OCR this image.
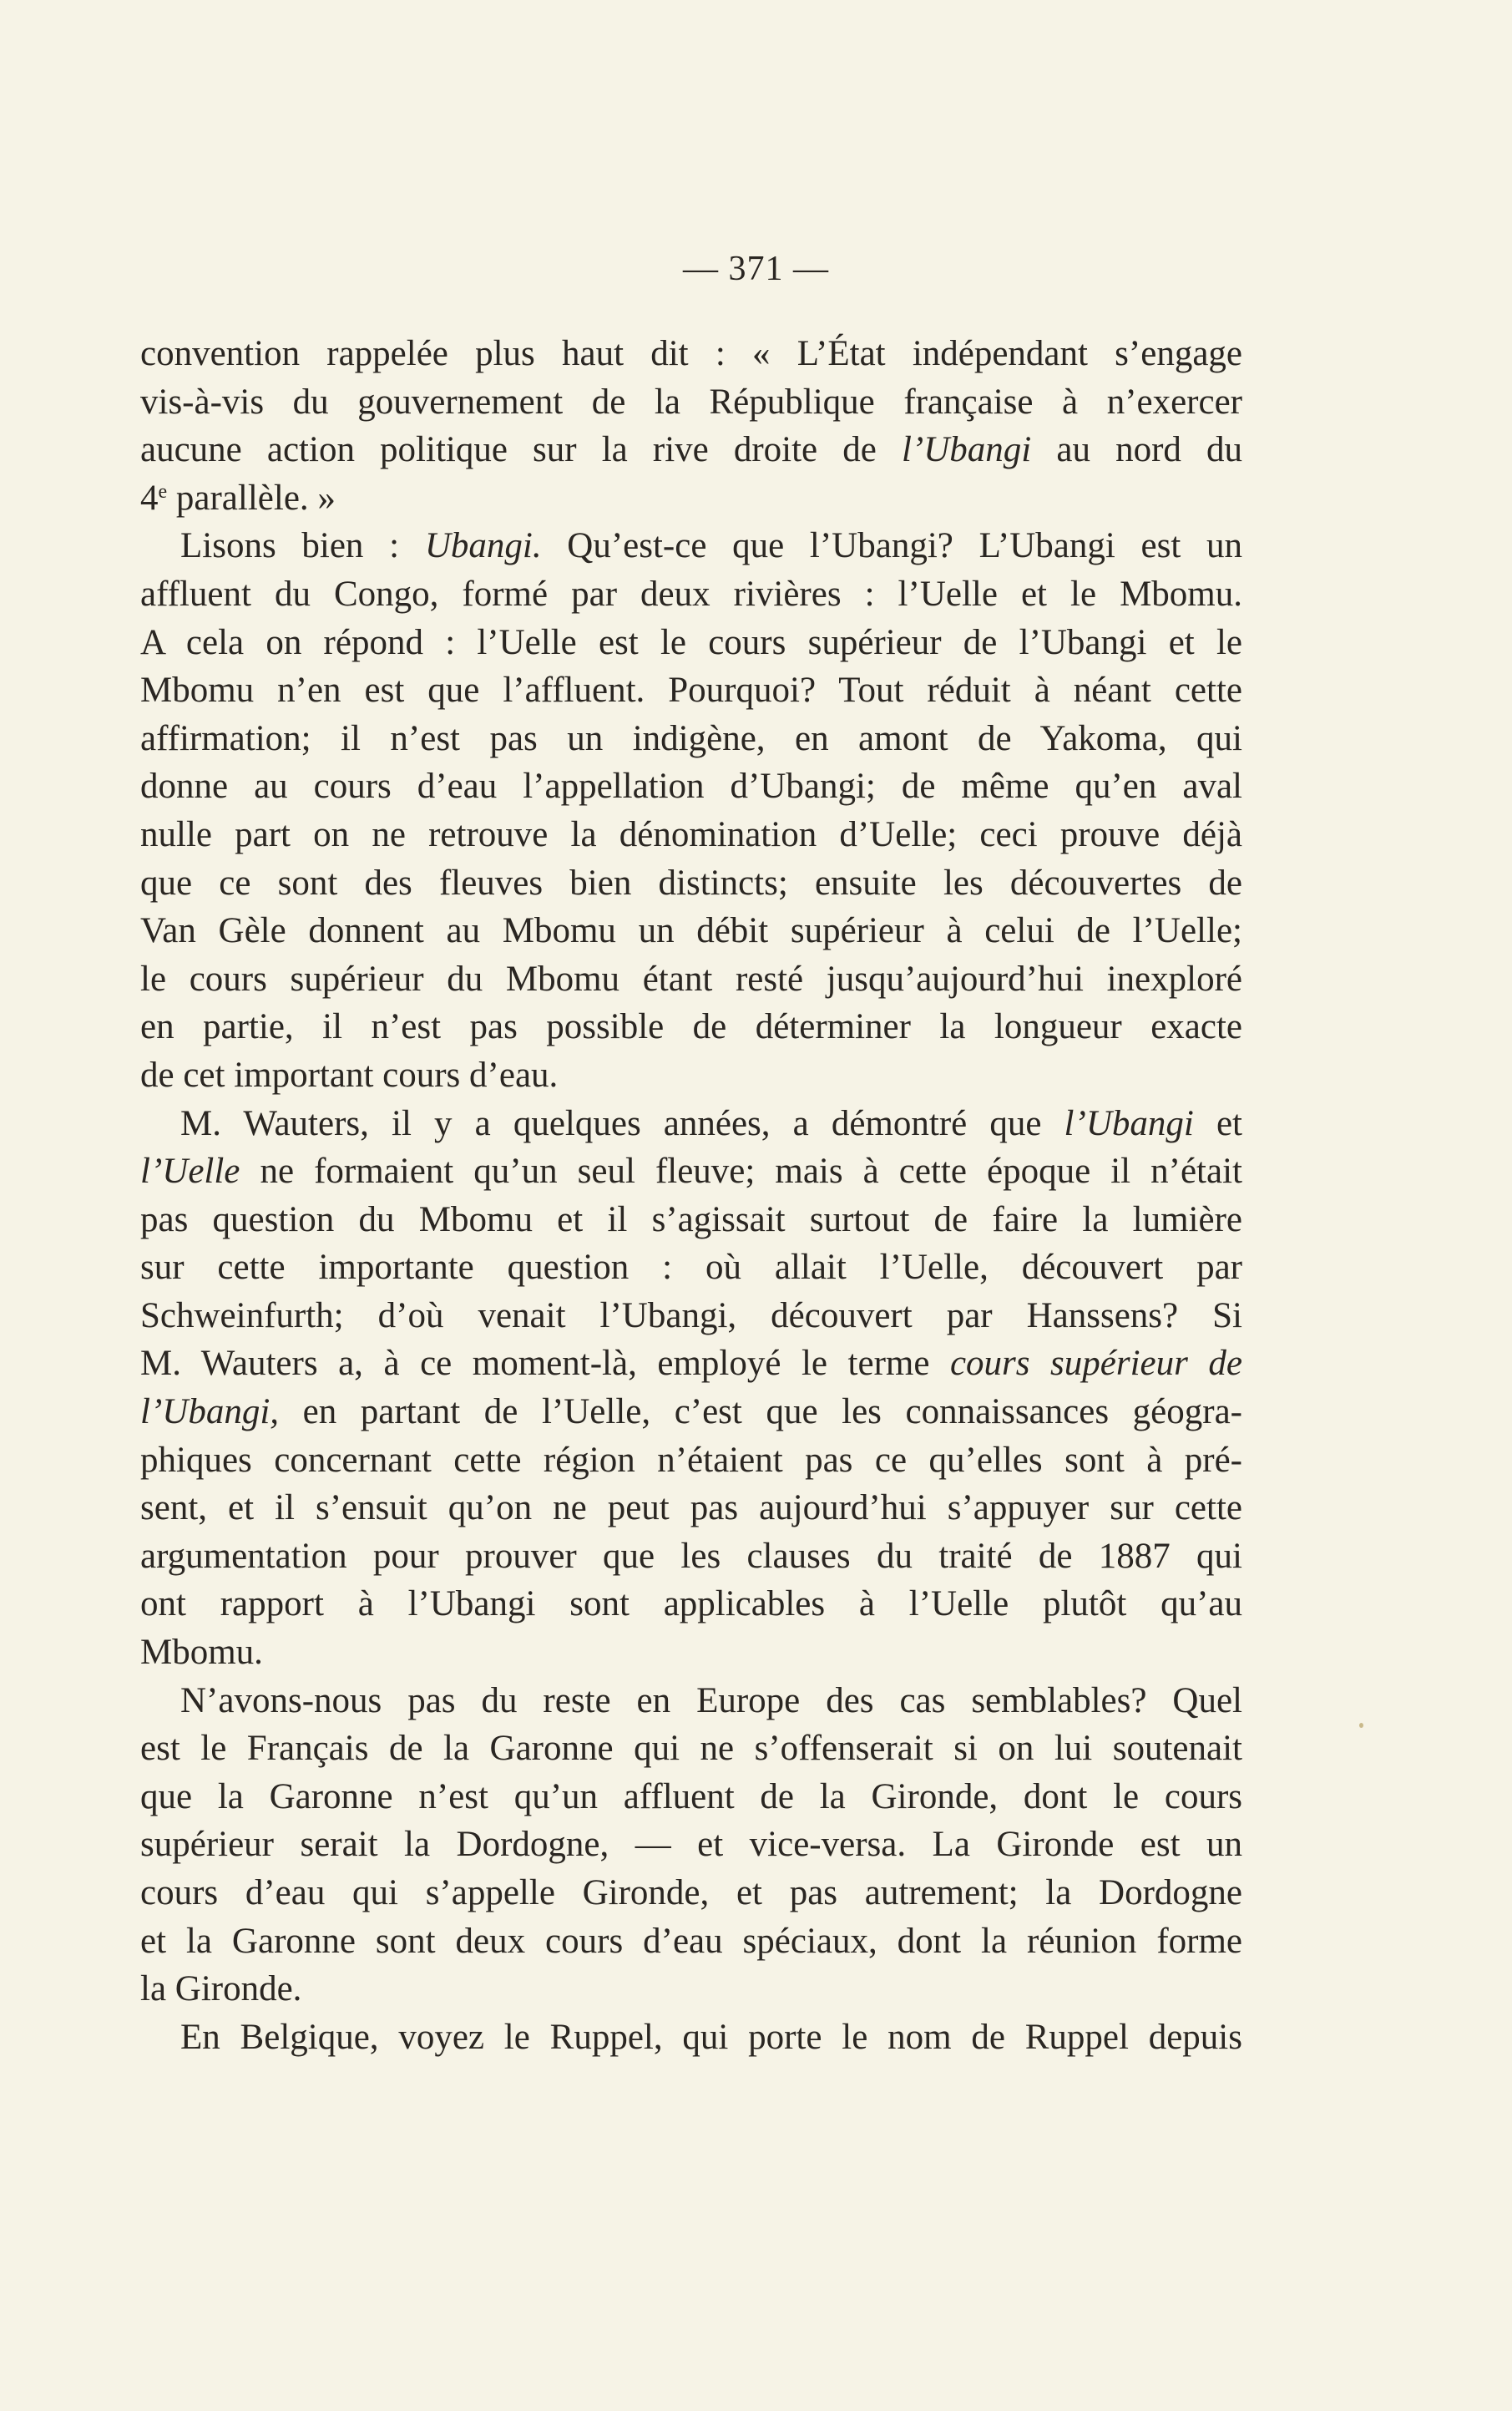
— 371 —
convention rappelée plus haut dit : « L’État indépendant s’engage
vis-à-vis du gouvernement de la République française à n’exercer
aucune action politique sur la rive droite de l’Ubangi au nord du
4e parallèle. »
Lisons bien : Ubangi. Qu’est-ce que l’Ubangi? L’Ubangi est un
affluent du Congo, formé par deux rivières : l’Uelle et le Mbomu.
A cela on répond : l’Uelle est le cours supérieur de l’Ubangi et le
Mbomu n’en est que l’affluent. Pourquoi? Tout réduit à néant cette
affirmation; il n’est pas un indigène, en amont de Yakoma, qui
donne au cours d’eau l’appellation d’Ubangi; de même qu’en aval
nulle part on ne retrouve la dénomination d’Uelle; ceci prouve déjà
que ce sont des fleuves bien distincts; ensuite les découvertes de
Van Gèle donnent au Mbomu un débit supérieur à celui de l’Uelle;
le cours supérieur du Mbomu étant resté jusqu’aujourd’hui inexploré
en partie, il n’est pas possible de déterminer la longueur exacte
de cet important cours d’eau.
M. Wauters, il y a quelques années, a démontré que l’Ubangi et
l’Uelle ne formaient qu’un seul fleuve; mais à cette époque il n’était
pas question du Mbomu et il s’agissait surtout de faire la lumière
sur cette importante question : où allait l’Uelle, découvert par
Schweinfurth; d’où venait l’Ubangi, découvert par Hanssens? Si
M. Wauters a, à ce moment-là, employé le terme cours supérieur de
l’Ubangi, en partant de l’Uelle, c’est que les connaissances géogra-
phiques concernant cette région n’étaient pas ce qu’elles sont à pré-
sent, et il s’ensuit qu’on ne peut pas aujourd’hui s’appuyer sur cette
argumentation pour prouver que les clauses du traité de 1887 qui
ont rapport à l’Ubangi sont applicables à l’Uelle plutôt qu’au
Mbomu.
N’avons-nous pas du reste en Europe des cas semblables? Quel
est le Français de la Garonne qui ne s’offenserait si on lui soutenait
que la Garonne n’est qu’un affluent de la Gironde, dont le cours
supérieur serait la Dordogne, — et vice-versa. La Gironde est un
cours d’eau qui s’appelle Gironde, et pas autrement; la Dordogne
et la Garonne sont deux cours d’eau spéciaux, dont la réunion forme
la Gironde.
En Belgique, voyez le Ruppel, qui porte le nom de Ruppel depuis
